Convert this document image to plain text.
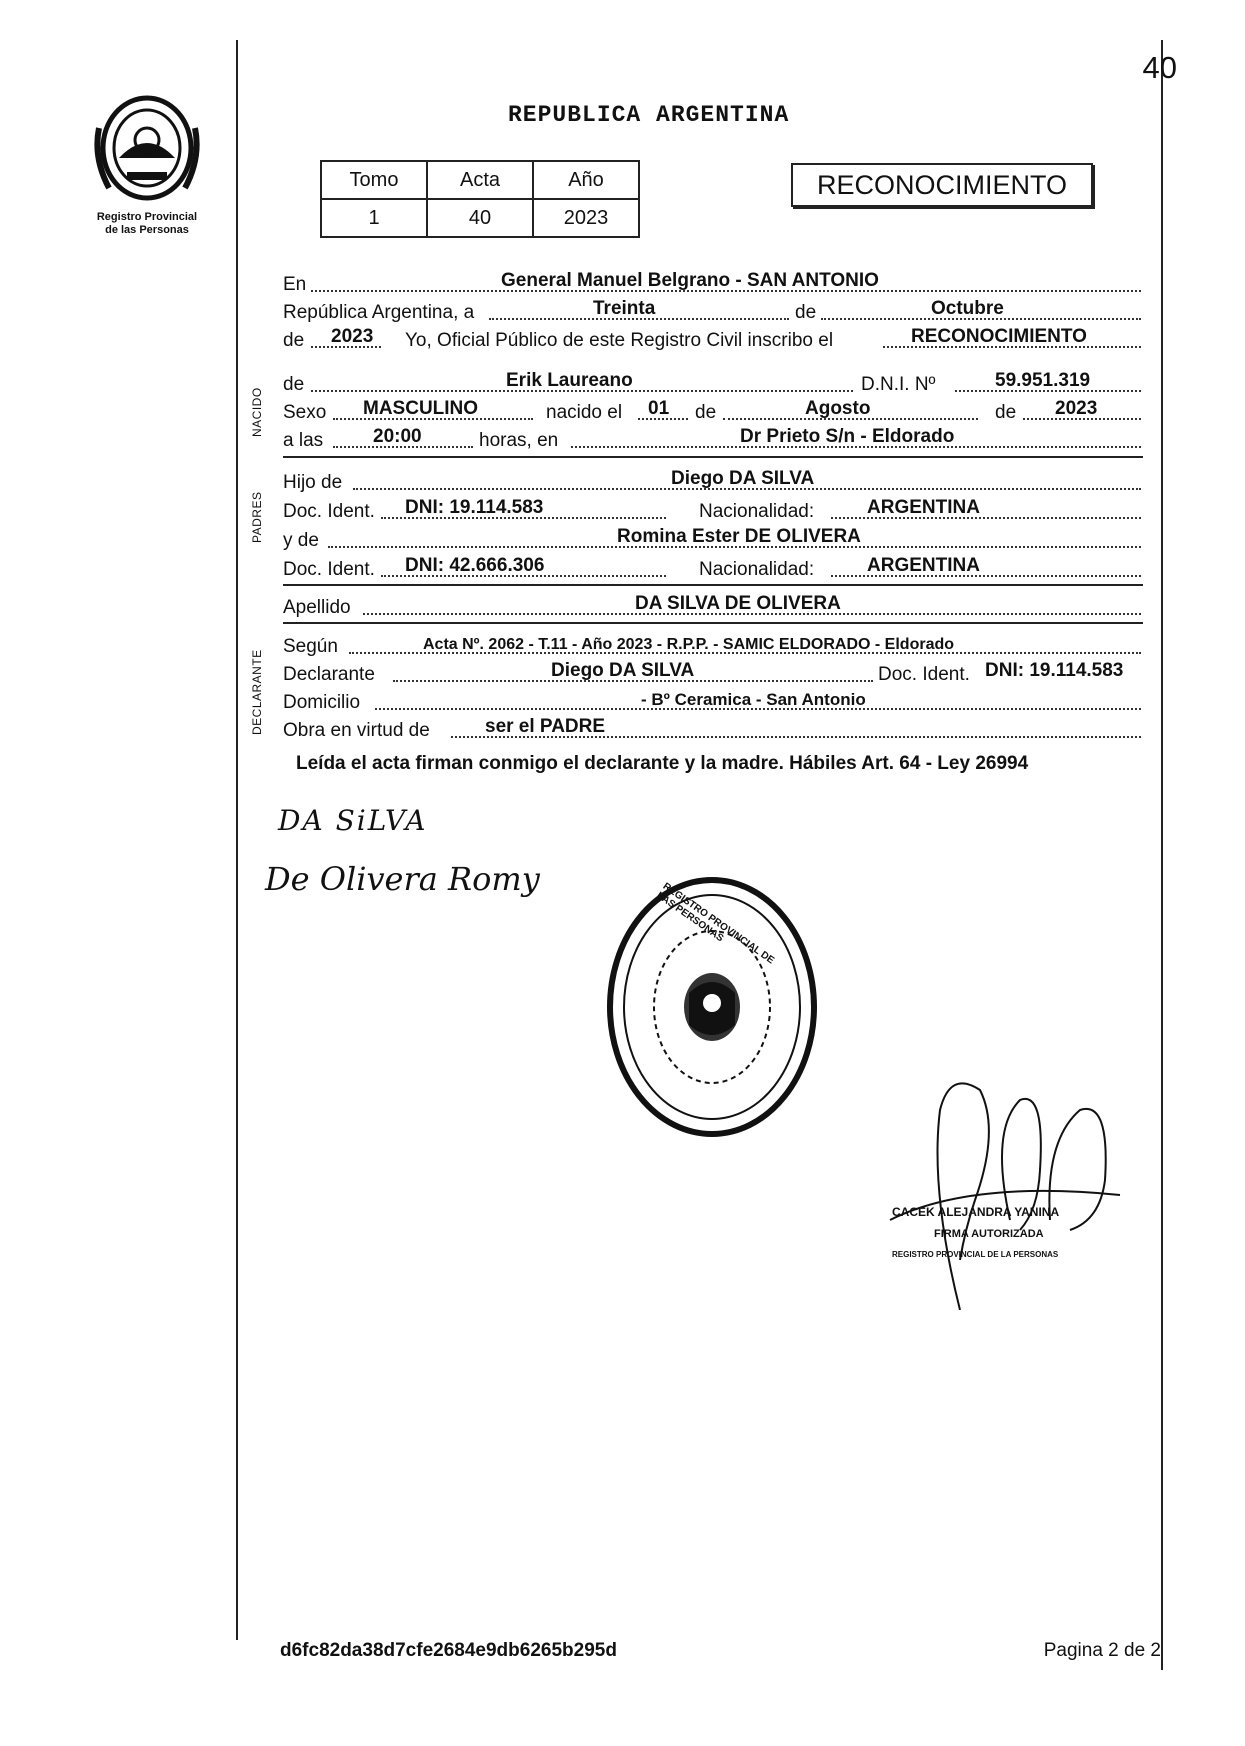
40
Registro Provincial
de las Personas
REPUBLICA ARGENTINA
Tomo	Acta	Año
1	40	2023
RECONOCIMIENTO
NACIDO
PADRES
DECLARANTE
En	General Manuel Belgrano - SAN ANTONIO
República Argentina, a	Treinta	de	Octubre
de 2023 Yo, Oficial Público de este Registro Civil inscribo el	RECONOCIMIENTO
de	Erik Laureano	D.N.I. Nº	59.951.319
Sexo MASCULINO	nacido el 01 de	Agosto	de 2023
a las	20:00	horas, en	Dr Prieto S/n - Eldorado
Hijo de	Diego DA SILVA
Doc. Ident. DNI: 19.114.583	Nacionalidad:	ARGENTINA
y de	Romina Ester DE OLIVERA
Doc. Ident. DNI: 42.666.306	Nacionalidad:	ARGENTINA
Apellido	DA SILVA DE OLIVERA
Según	Acta Nº. 2062 - T.11 - Año 2023 - R.P.P. - SAMIC ELDORADO - Eldorado
Declarante	Diego DA SILVA	Doc. Ident. DNI: 19.114.583
Domicilio	- Bº Ceramica - San Antonio
Obra en virtud de	ser el PADRE
Leída el acta firman conmigo el declarante y la madre. Hábiles Art. 64 - Ley 26994
DA SiLVA
De Olivera Romy
REGISTRO PROVINCIAL DE LAS PERSONAS
CACEK ALEJANDRA YANINA
FIRMA AUTORIZADA
REGISTRO PROVINCIAL DE LA PERSONAS
d6fc82da38d7cfe2684e9db6265b295d	Pagina 2 de 2
